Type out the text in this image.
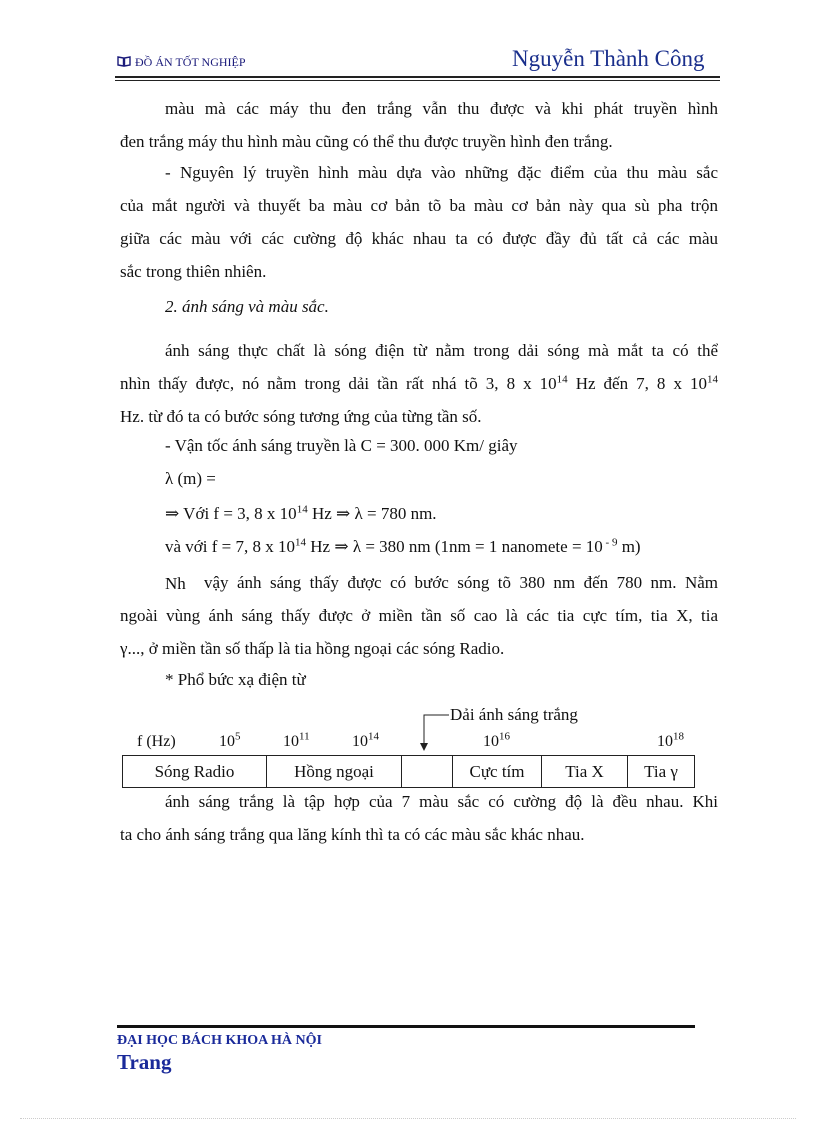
ĐỒ ÁN TỐT NGHIỆP	Nguyễn Thành Công
màu mà các máy thu đen trắng vẫn thu được và khi phát truyền hình
đen trắng máy thu hình màu cũng có thể thu được truyền hình đen trắng.
- Nguyên lý truyền hình màu dựa vào những đặc điểm của thu màu sắc
của mắt người và thuyết ba màu cơ bản tõ ba màu cơ bản này qua sù pha trộn
giữa các màu với các cường độ khác nhau ta có được đầy đủ tất cả các màu
sắc trong thiên nhiên.
2. ánh sáng và màu sắc.
ánh sáng thực chất là sóng điện từ nằm trong dải sóng mà mắt ta có thể
nhìn thấy được, nó nằm trong dải tần rất nhá tõ 3, 8 x $10^{14}$ Hz đến 7, 8 x $10^{14}$
Hz. từ đó ta có bước sóng tương ứng của từng tần số.
- Vận tốc ánh sáng truyền là C = 300. 000 Km/ giây
λ (m) =
⇒ Với f = 3, 8 x $10^{14}$ Hz ⇒ λ = 780 nm.
và với f = 7, 8 x $10^{14}$ Hz ⇒ λ = 380 nm (1nm = 1 nanomete = 10 $^{- 9}$ m)
Nh	vậy ánh sáng thấy được có bước sóng tõ 380 nm đến 780 nm. Nằm
ngoài vùng ánh sáng thấy được ở miền tần số cao là các tia cực tím, tia X, tia
γ..., ở miền tần số thấp là tia hồng ngoại các sóng Radio.
* Phổ bức xạ điện từ
Dải ánh sáng trắng
f (Hz)	$10^5$	$10^{11}$	$10^{14}$	$10^{16}$	$10^{18}$
Sóng Radio	Hồng ngoại		Cực tím	Tia X	Tia γ
ánh sáng trắng là tập hợp của 7 màu sắc có cường độ là đều nhau. Khi
ta cho ánh sáng trắng qua lăng kính thì ta có các màu sắc khác nhau.
ĐẠI HỌC BÁCH KHOA HÀ NỘI
Trang
